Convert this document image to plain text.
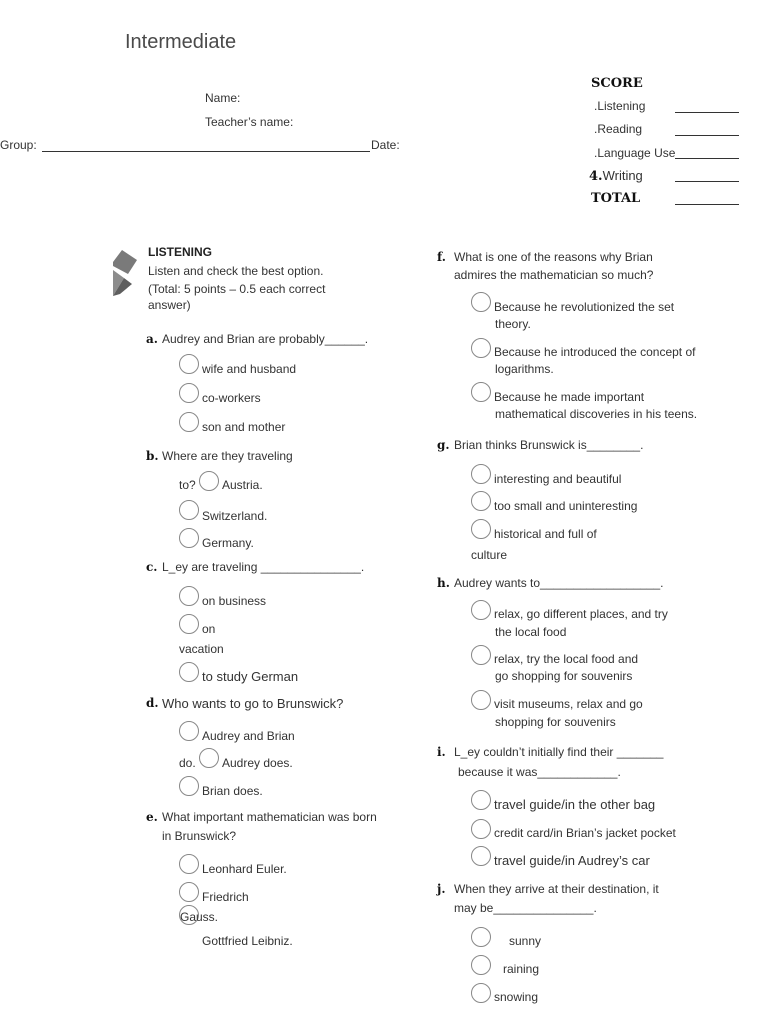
Intermediate
Name:
Teacher’s name:
Group:	Date:
SCORE
.Listening
.Reading
.Language Use
4.Writing
TOTAL
LISTENING
Listen and check the best option.
(Total: 5 points – 0.5 each correct
answer)
a. Audrey and Brian are probably______.
wife and husband
co-workers
son and mother
b. Where are they traveling
to? Austria.
Switzerland.
Germany.
c. L_ey are traveling _______________.
on business
on
vacation
to study German
d. Who wants to go to Brunswick?
Audrey and Brian
do. Audrey does.
Brian does.
e. What important mathematician was born
in Brunswick?
Leonhard Euler.
Friedrich
Gauss.
Gottfried Leibniz.
f. What is one of the reasons why Brian
admires the mathematician so much?
Because he revolutionized the set
theory.
Because he introduced the concept of
logarithms.
Because he made important
mathematical discoveries in his teens.
g. Brian thinks Brunswick is________.
interesting and beautiful
too small and uninteresting
historical and full of
culture
h. Audrey wants to__________________.
relax, go different places, and try
the local food
relax, try the local food and
go shopping for souvenirs
visit museums, relax and go
shopping for souvenirs
i. L_ey couldn’t initially find their _______
because it was____________.
travel guide/in the other bag
credit card/in Brian’s jacket pocket
travel guide/in Audrey’s car
j. When they arrive at their destination, it
may be_______________.
sunny
raining
snowing
